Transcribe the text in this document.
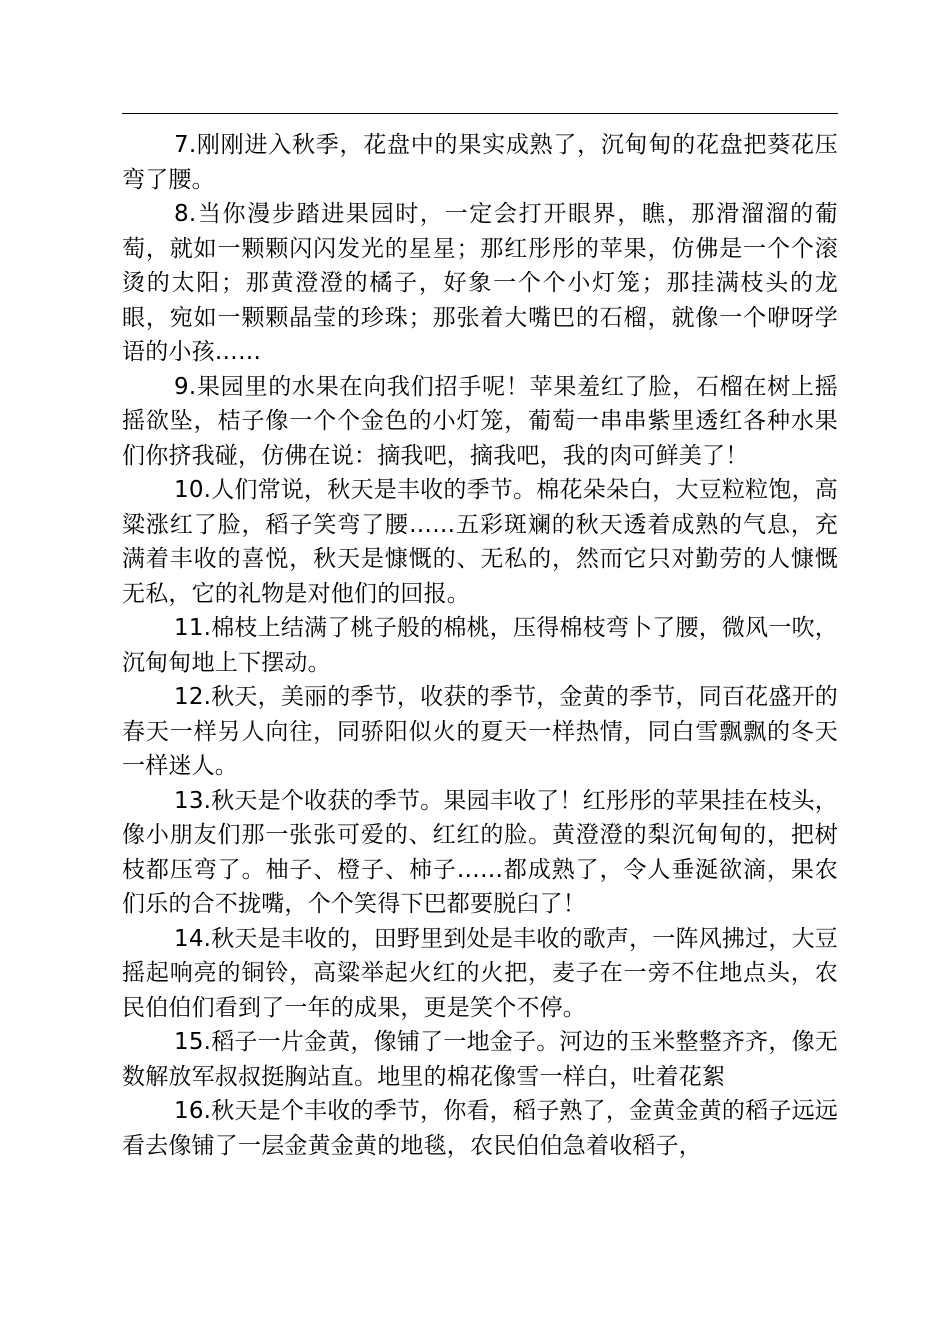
7.刚刚进入秋季，花盘中的果实成熟了，沉甸甸的花盘把葵花压弯了腰。

8.当你漫步踏进果园时，一定会打开眼界，瞧，那滑溜溜的葡萄，就如一颗颗闪闪发光的星星；那红彤彤的苹果，仿佛是一个个滚烫的太阳；那黄澄澄的橘子，好象一个个小灯笼；那挂满枝头的龙眼，宛如一颗颗晶莹的珍珠；那张着大嘴巴的石榴，就像一个咿呀学语的小孩……

9.果园里的水果在向我们招手呢！苹果羞红了脸，石榴在树上摇摇欲坠，桔子像一个个金色的小灯笼，葡萄一串串紫里透红各种水果们你挤我碰，仿佛在说：摘我吧，摘我吧，我的肉可鲜美了！

10.人们常说，秋天是丰收的季节。棉花朵朵白，大豆粒粒饱，高粱涨红了脸，稻子笑弯了腰……五彩斑斓的秋天透着成熟的气息，充满着丰收的喜悦，秋天是慷慨的、无私的，然而它只对勤劳的人慷慨无私，它的礼物是对他们的回报。

11.棉枝上结满了桃子般的棉桃，压得棉枝弯卜了腰，微风一吹，沉甸甸地上下摆动。

12.秋天，美丽的季节，收获的季节，金黄的季节，同百花盛开的春天一样另人向往，同骄阳似火的夏天一样热情，同白雪飘飘的冬天一样迷人。

13.秋天是个收获的季节。果园丰收了！红彤彤的苹果挂在枝头，像小朋友们那一张张可爱的、红红的脸。黄澄澄的梨沉甸甸的，把树枝都压弯了。柚子、橙子、柿子……都成熟了，令人垂涎欲滴，果农们乐的合不拢嘴，个个笑得下巴都要脱臼了！

14.秋天是丰收的，田野里到处是丰收的歌声，一阵风拂过，大豆摇起响亮的铜铃，高粱举起火红的火把，麦子在一旁不住地点头，农民伯伯们看到了一年的成果，更是笑个不停。

15.稻子一片金黄，像铺了一地金子。河边的玉米整整齐齐，像无数解放军叔叔挺胸站直。地里的棉花像雪一样白，吐着花絮

16.秋天是个丰收的季节，你看，稻子熟了，金黄金黄的稻子远远看去像铺了一层金黄金黄的地毯，农民伯伯急着收稻子，
